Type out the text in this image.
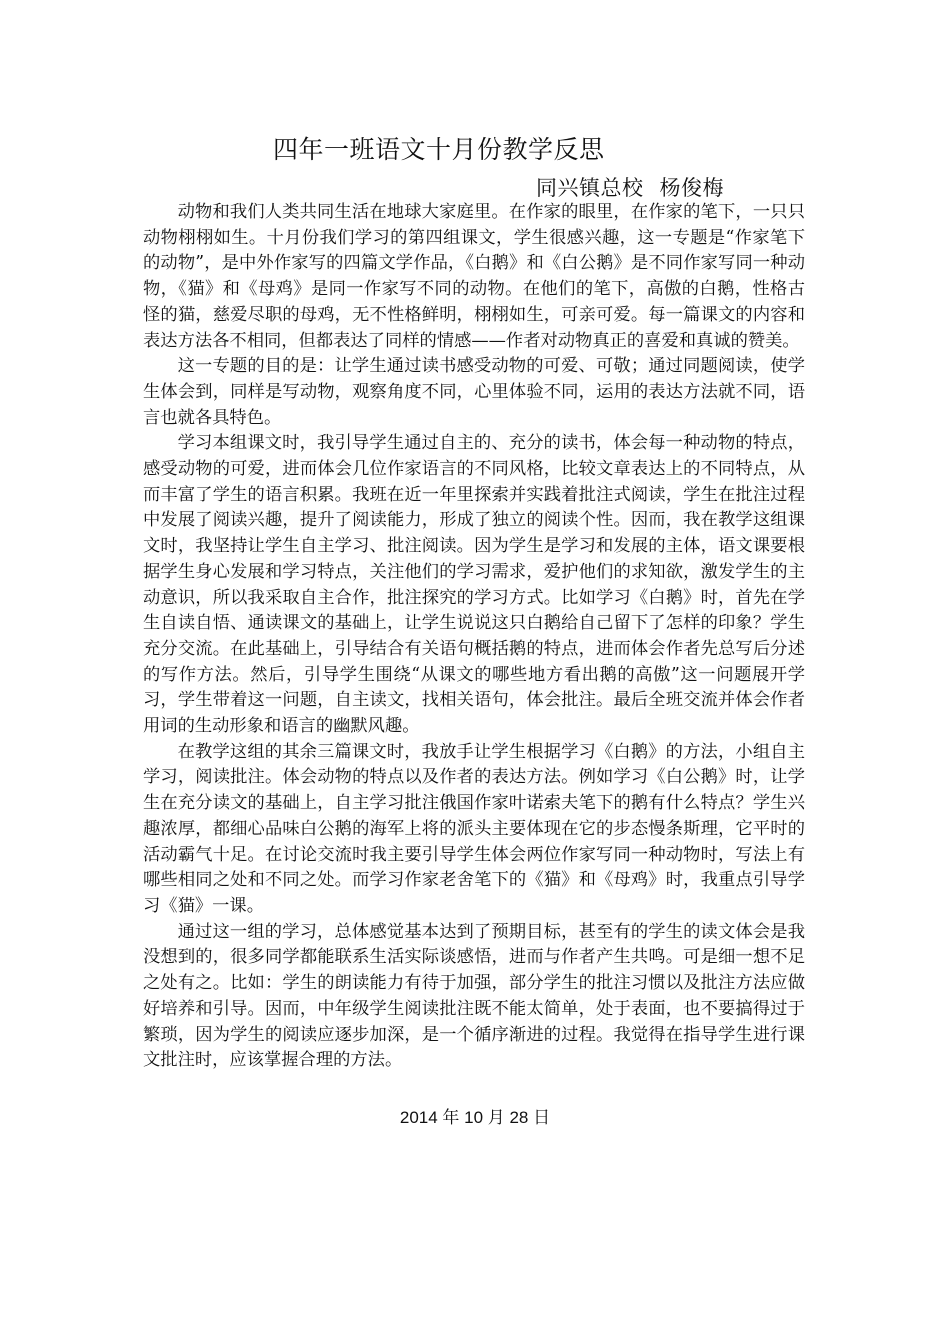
四年一班语文十月份教学反思
同兴镇总校 杨俊梅

动物和我们人类共同生活在地球大家庭里。在作家的眼里，在作家的笔下，一只只动物栩栩如生。十月份我们学习的第四组课文，学生很感兴趣，这一专题是“作家笔下的动物”，是中外作家写的四篇文学作品，《白鹅》和《白公鹅》是不同作家写同一种动物，《猫》和《母鸡》是同一作家写不同的动物。在他们的笔下，高傲的白鹅，性格古怪的猫，慈爱尽职的母鸡，无不性格鲜明，栩栩如生，可亲可爱。每一篇课文的内容和表达方法各不相同，但都表达了同样的情感——作者对动物真正的喜爱和真诚的赞美。

这一专题的目的是：让学生通过读书感受动物的可爱、可敬；通过同题阅读，使学生体会到，同样是写动物，观察角度不同，心里体验不同，运用的表达方法就不同，语言也就各具特色。

学习本组课文时，我引导学生通过自主的、充分的读书，体会每一种动物的特点，感受动物的可爱，进而体会几位作家语言的不同风格，比较文章表达上的不同特点，从而丰富了学生的语言积累。我班在近一年里探索并实践着批注式阅读，学生在批注过程中发展了阅读兴趣，提升了阅读能力，形成了独立的阅读个性。因而，我在教学这组课文时，我坚持让学生自主学习、批注阅读。因为学生是学习和发展的主体，语文课要根据学生身心发展和学习特点，关注他们的学习需求，爱护他们的求知欲，激发学生的主动意识，所以我采取自主合作，批注探究的学习方式。比如学习《白鹅》时，首先在学生自读自悟、通读课文的基础上，让学生说说这只白鹅给自己留下了怎样的印象？学生充分交流。在此基础上，引导结合有关语句概括鹅的特点，进而体会作者先总写后分述的写作方法。然后，引导学生围绕“从课文的哪些地方看出鹅的高傲”这一问题展开学习，学生带着这一问题，自主读文，找相关语句，体会批注。最后全班交流并体会作者用词的生动形象和语言的幽默风趣。

在教学这组的其余三篇课文时，我放手让学生根据学习《白鹅》的方法，小组自主学习，阅读批注。体会动物的特点以及作者的表达方法。例如学习《白公鹅》时，让学生在充分读文的基础上，自主学习批注俄国作家叶诺索夫笔下的鹅有什么特点？学生兴趣浓厚，都细心品味白公鹅的海军上将的派头主要体现在它的步态慢条斯理，它平时的活动霸气十足。在讨论交流时我主要引导学生体会两位作家写同一种动物时，写法上有哪些相同之处和不同之处。而学习作家老舍笔下的《猫》和《母鸡》时，我重点引导学习《猫》一课。

通过这一组的学习，总体感觉基本达到了预期目标，甚至有的学生的读文体会是我没想到的，很多同学都能联系生活实际谈感悟，进而与作者产生共鸣。可是细一想不足之处有之。比如：学生的朗读能力有待于加强，部分学生的批注习惯以及批注方法应做好培养和引导。因而，中年级学生阅读批注既不能太简单，处于表面，也不要搞得过于繁琐，因为学生的阅读应逐步加深，是一个循序渐进的过程。我觉得在指导学生进行课文批注时，应该掌握合理的方法。

2014 年 10 月 28 日
